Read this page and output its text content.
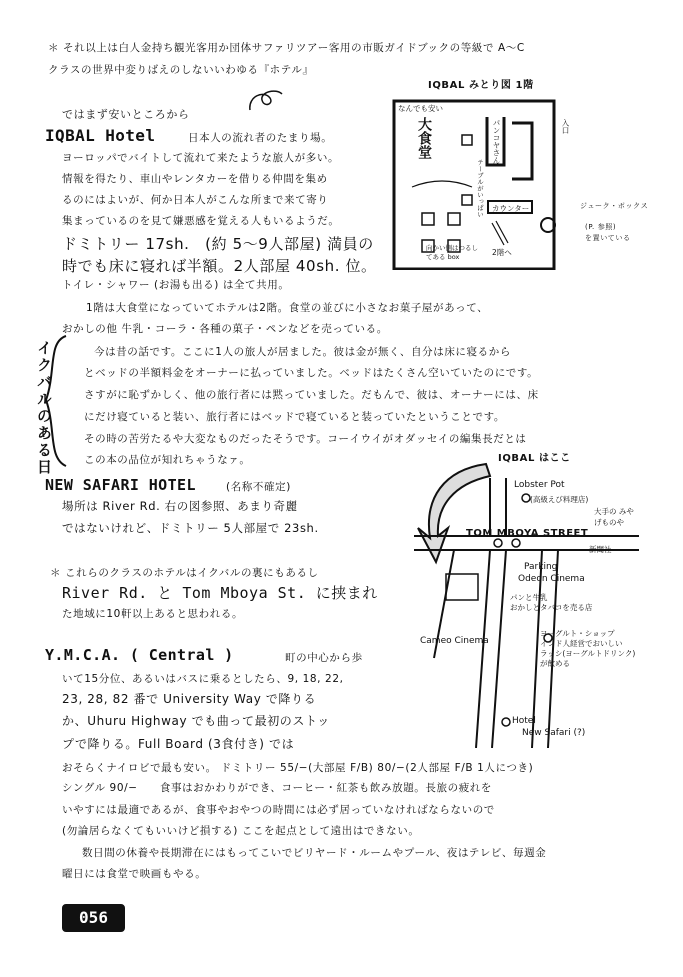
＊ それ以上は白人金持ち観光客用か団体サファリツアー客用の市販ガイドブックの等級で A〜C
クラスの世界中変りばえのしないいわゆる『ホテル』
ではまず安いところから
IQBAL Hotel	日本人の流れ者のたまり場。
ヨーロッパでバイトして流れて来たような旅人が多い。
情報を得たり、車山やレンタカーを借りる仲間を集め
るのにはよいが、何か日本人がこんな所まで来て寄り
集まっているのを見て嫌悪感を覚える人もいるようだ。
ドミトリー 17sh.　(約 5〜9人部屋) 満員の
時でも床に寝れば半額。2人部屋 40sh. 位。
トイレ・シャワー (お湯も出る) は全て共用。
1階は大食堂になっていてホテルは2階。食堂の並びに小さなお菓子屋があって、
おかしの他 牛乳・コーラ・各種の菓子・ペンなどを売っている。
IQBAL みとり図 1階
なんでも安い
大食堂	パンコヤさん
テーブルがいっぱい カウンター
入口
2階へ
向かい側はつるしてある box
ジューク・ボックス
(P. 参照)
を置いている
イクバルのある日	今は昔の話です。ここに1人の旅人が居ました。彼は金が無く、自分は床に寝るから
とベッドの半額料金をオーナーに払っていました。ベッドはたくさん空いていたのにです。
さすがに恥ずかしく、他の旅行者には黙っていました。だもんで、彼は、オーナーには、床
にだけ寝ていると装い、旅行者にはベッドで寝ていると装っていたということです。
その時の苦労たるや大変なものだったそうです。コーイウイがオダッセイの編集長だとは
この本の品位が知れちゃうなァ。
NEW SAFARI HOTEL	(名称不確定)
場所は River Rd. 右の図参照、あまり奇麗
ではないけれど、ドミトリー 5人部屋で 23sh.
IQBAL はここ
Lobster Pot
(高級えび料理店)
大手の みやげものや
TOM MBOYA STREET
新聞社
Parking
Odeon Cinema
パンと牛乳
おかしとタバコを売る店
Cameo Cinema
ヨーグルト・ショップ
インド人経営でおいしい
ラッシ(ヨーグルトドリンク)
が飲める
Hotel
New Safari (?)
＊ これらのクラスのホテルはイクバルの裏にもあるし
River Rd. と Tom Mboya St. に挟まれ
た地域に10軒以上あると思われる。
Y.M.C.A. ( Central )	町の中心から歩
いて15分位、あるいはバスに乗るとしたら、9, 18, 22,
23, 28, 82 番で University Way で降りる
か、Uhuru Highway でも曲って最初のストッ
プで降りる。Full Board (3食付き) では
おそらくナイロビで最も安い。 ドミトリー 55/−(大部屋 F/B) 80/−(2人部屋 F/B 1人につき)
シングル 90/−　　食事はおかわりができ、コーヒー・紅茶も飲み放題。長旅の疲れを
いやすには最適であるが、食事やおやつの時間には必ず居っていなければならないので
(勿論居らなくてもいいけど損する) ここを起点として遠出はできない。
数日間の休養や長期滞在にはもってこいでビリヤード・ルームやプール、夜はテレビ、毎週金
曜日には食堂で映画もやる。
056
